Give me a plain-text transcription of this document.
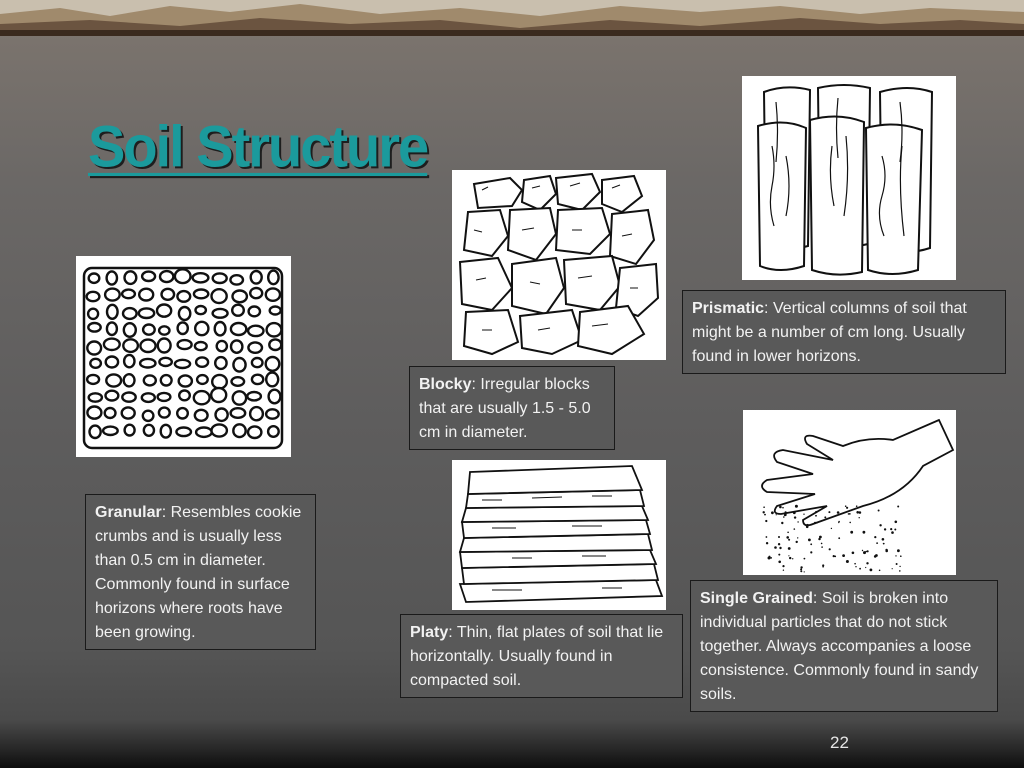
Soil Structure
Granular: Resembles cookie crumbs and is usually less than 0.5 cm in diameter. Commonly found in surface horizons where roots have been growing.
Blocky: Irregular blocks that are usually 1.5 - 5.0 cm in diameter.
Platy: Thin, flat plates of soil that lie horizontally. Usually found in compacted soil.
Prismatic: Vertical columns of soil that might be a number of cm long. Usually found in lower horizons.
Single Grained: Soil is broken into individual particles that do not stick together. Always accompanies a loose consistence. Commonly found in sandy soils.
22
